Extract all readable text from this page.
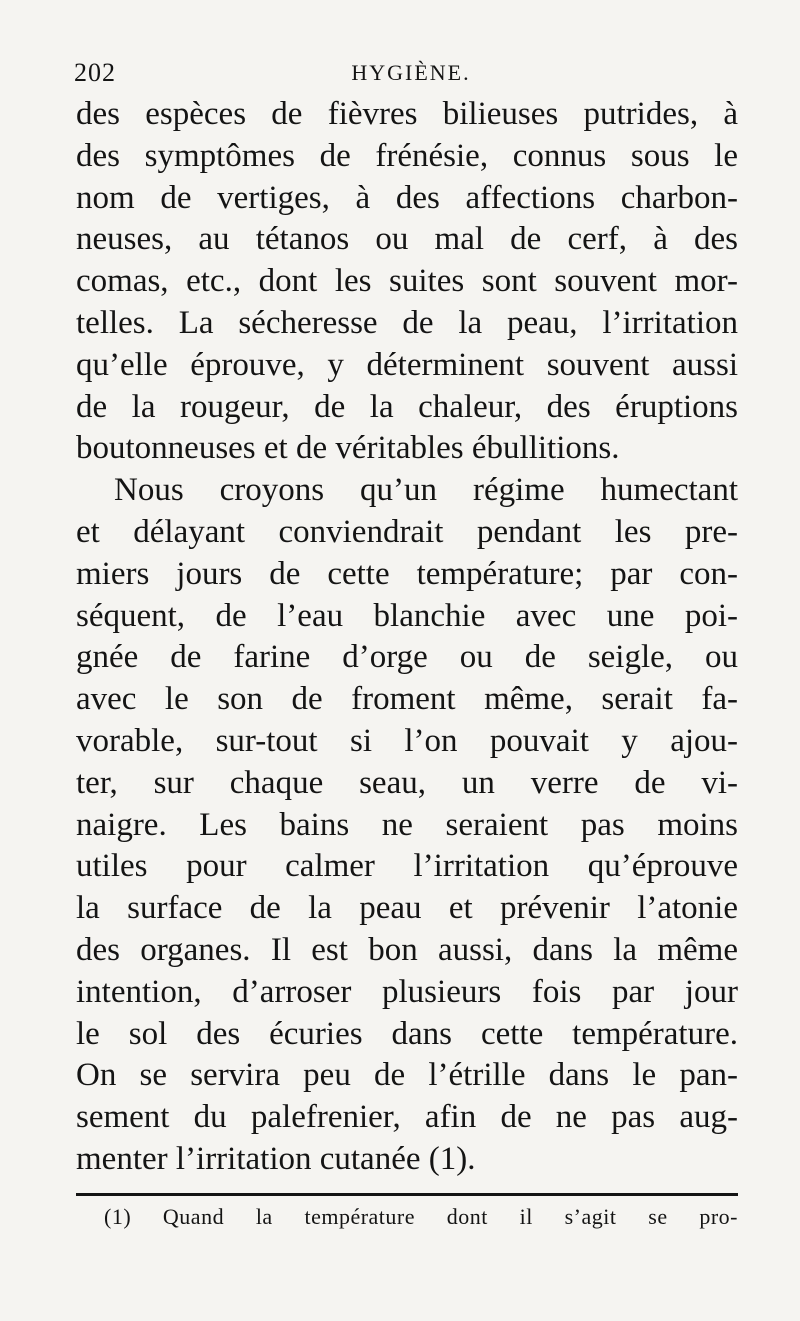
202	HYGIÈNE.
des espèces de fièvres bilieuses putrides, à
des symptômes de frénésie, connus sous le
nom de vertiges, à des affections charbon-
neuses, au tétanos ou mal de cerf, à des
comas, etc., dont les suites sont souvent mor-
telles. La sécheresse de la peau, l’irritation
qu’elle éprouve, y déterminent souvent aussi
de la rougeur, de la chaleur, des éruptions
boutonneuses et de véritables ébullitions.
Nous croyons qu’un régime humectant
et délayant conviendrait pendant les pre-
miers jours de cette température; par con-
séquent, de l’eau blanchie avec une poi-
gnée de farine d’orge ou de seigle, ou
avec le son de froment même, serait fa-
vorable, sur-tout si l’on pouvait y ajou-
ter, sur chaque seau, un verre de vi-
naigre. Les bains ne seraient pas moins
utiles pour calmer l’irritation qu’éprouve
la surface de la peau et prévenir l’atonie
des organes. Il est bon aussi, dans la même
intention, d’arroser plusieurs fois par jour
le sol des écuries dans cette température.
On se servira peu de l’étrille dans le pan-
sement du palefrenier, afin de ne pas aug-
menter l’irritation cutanée (1).
(1) Quand la température dont il s’agit se pro-
